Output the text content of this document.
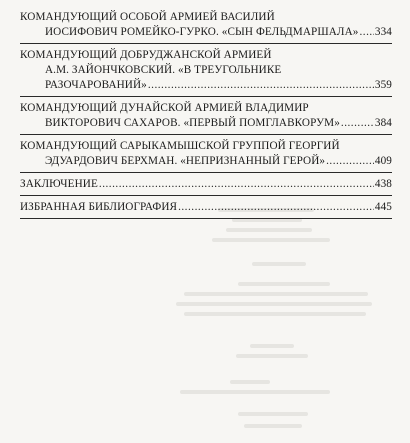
КОМАНДУЮЩИЙ ОСОБОЙ АРМИЕЙ ВАСИЛИЙ
ИОСИФОВИЧ РОМЕЙКО-ГУРКО. «СЫН ФЕЛЬДМАРШАЛА» ..... 334
КОМАНДУЮЩИЙ ДОБРУДЖАНСКОЙ АРМИЕЙ
А.М. ЗАЙОНЧКОВСКИЙ. «В ТРЕУГОЛЬНИКЕ
РАЗОЧАРОВАНИЙ» .....	359
КОМАНДУЮЩИЙ ДУНАЙСКОЙ АРМИЕЙ ВЛАДИМИР
ВИКТОРОВИЧ САХАРОВ. «ПЕРВЫЙ ПОМГЛАВКОРУМ» .....	384
КОМАНДУЮЩИЙ САРЫКАМЫШСКОЙ ГРУППОЙ ГЕОРГИЙ
ЭДУАРДОВИЧ БЕРХМАН. «НЕПРИЗНАННЫЙ ГЕРОЙ» .....	409
ЗАКЛЮЧЕНИЕ .....	438
ИЗБРАННАЯ БИБЛИОГРАФИЯ .....	445
